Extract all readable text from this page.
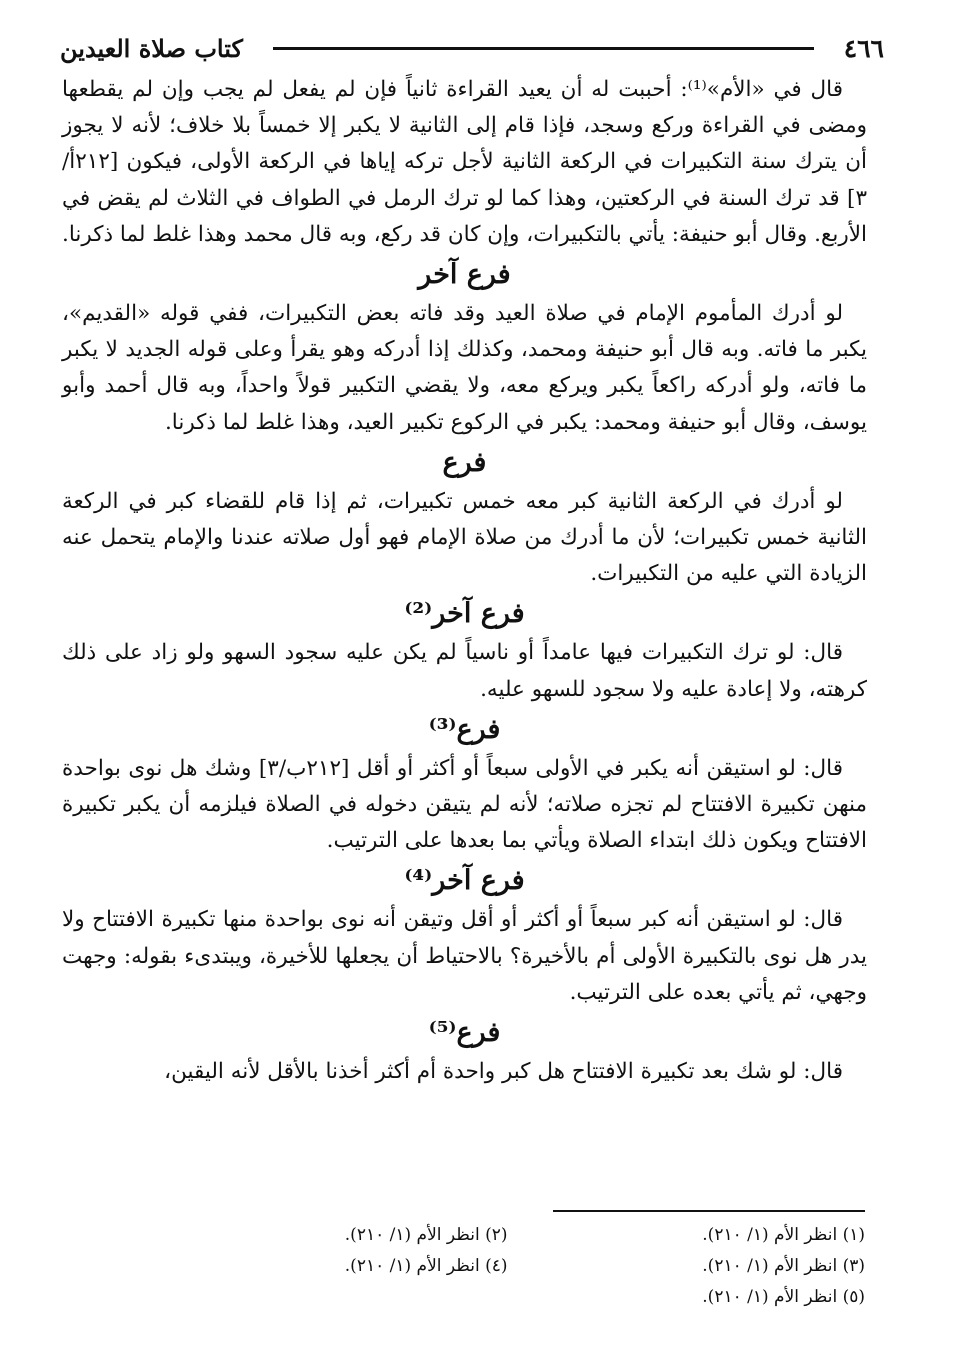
٤٦٦
كتاب صلاة العيدين

قال في «الأم»⁽¹⁾: أحببت له أن يعيد القراءة ثانياً فإن لم يفعل لم يجب وإن لم يقطعها ومضى في القراءة وركع وسجد، فإذا قام إلى الثانية لا يكبر إلا خمساً بلا خلاف؛ لأنه لا يجوز أن يترك سنة التكبيرات في الركعة الثانية لأجل تركه إياها في الركعة الأولى، فيكون [٢١٢أ/٣] قد ترك السنة في الركعتين، وهذا كما لو ترك الرمل في الطواف في الثلاث لم يقض في الأربع. وقال أبو حنيفة: يأتي بالتكبيرات، وإن كان قد ركع، وبه قال محمد وهذا غلط لما ذكرنا.

فرع آخر

لو أدرك المأموم الإمام في صلاة العيد وقد فاته بعض التكبيرات، ففي قوله «القديم»، يكبر ما فاته. وبه قال أبو حنيفة ومحمد، وكذلك إذا أدركه وهو يقرأ وعلى قوله الجديد لا يكبر ما فاته، ولو أدركه راكعاً يكبر ويركع معه، ولا يقضي التكبير قولاً واحداً، وبه قال أحمد وأبو يوسف، وقال أبو حنيفة ومحمد: يكبر في الركوع تكبير العيد، وهذا غلط لما ذكرنا.

فرع

لو أدرك في الركعة الثانية كبر معه خمس تكبيرات، ثم إذا قام للقضاء كبر في الركعة الثانية خمس تكبيرات؛ لأن ما أدرك من صلاة الإمام فهو أول صلاته عندنا والإمام يتحمل عنه الزيادة التي عليه من التكبيرات.

فرع آخر⁽²⁾

قال: لو ترك التكبيرات فيها عامداً أو ناسياً لم يكن عليه سجود السهو ولو زاد على ذلك كرهته، ولا إعادة عليه ولا سجود للسهو عليه.

فرع⁽³⁾

قال: لو استيقن أنه يكبر في الأولى سبعاً أو أكثر أو أقل [٢١٢ب/٣] وشك هل نوى بواحدة منهن تكبيرة الافتتاح لم تجزه صلاته؛ لأنه لم يتيقن دخوله في الصلاة فيلزمه أن يكبر تكبيرة الافتتاح ويكون ذلك ابتداء الصلاة ويأتي بما بعدها على الترتيب.

فرع آخر⁽⁴⁾

قال: لو استيقن أنه كبر سبعاً أو أكثر أو أقل وتيقن أنه نوى بواحدة منها تكبيرة الافتتاح ولا يدر هل نوى بالتكبيرة الأولى أم بالأخيرة؟ بالاحتياط أن يجعلها للأخيرة، ويبتدىء بقوله: وجهت وجهي، ثم يأتي بعده على الترتيب.

فرع⁽⁵⁾

قال: لو شك بعد تكبيرة الافتتاح هل كبر واحدة أم أكثر أخذنا بالأقل لأنه اليقين،

(١) انظر الأم (١/ ٢١٠).
(٢) انظر الأم (١/ ٢١٠).
(٣) انظر الأم (١/ ٢١٠).
(٤) انظر الأم (١/ ٢١٠).
(٥) انظر الأم (١/ ٢١٠).
